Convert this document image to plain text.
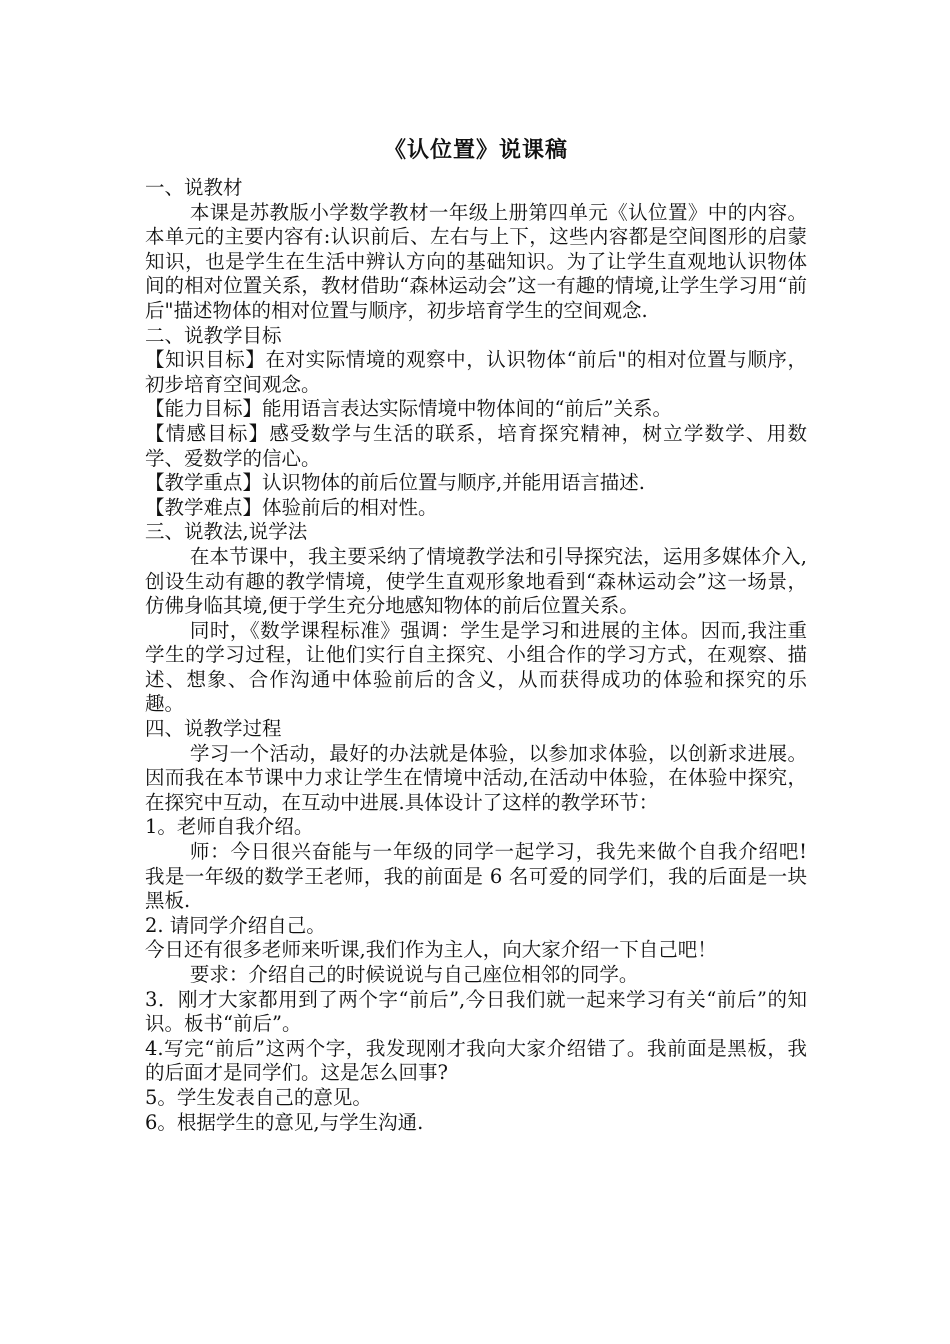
《认位置》说课稿

一、说教材

本课是苏教版小学数学教材一年级上册第四单元《认位置》中的内容。本单元的主要内容有:认识前后、左右与上下，这些内容都是空间图形的启蒙知识，也是学生在生活中辨认方向的基础知识。为了让学生直观地认识物体间的相对位置关系，教材借助“森林运动会”这一有趣的情境,让学生学习用“前后"描述物体的相对位置与顺序，初步培育学生的空间观念.

二、说教学目标

【知识目标】在对实际情境的观察中，认识物体“前后"的相对位置与顺序，初步培育空间观念。

【能力目标】能用语言表达实际情境中物体间的“前后”关系。

【情感目标】感受数学与生活的联系，培育探究精神，树立学数学、用数学、爱数学的信心。

【教学重点】认识物体的前后位置与顺序,并能用语言描述.

【教学难点】体验前后的相对性。

三、说教法,说学法

在本节课中，我主要采纳了情境教学法和引导探究法，运用多媒体介入,创设生动有趣的教学情境，使学生直观形象地看到“森林运动会”这一场景，仿佛身临其境,便于学生充分地感知物体的前后位置关系。

同时，《数学课程标准》强调：学生是学习和进展的主体。因而,我注重学生的学习过程，让他们实行自主探究、小组合作的学习方式，在观察、描述、想象、合作沟通中体验前后的含义，从而获得成功的体验和探究的乐趣。

四、说教学过程

学习一个活动，最好的办法就是体验，以参加求体验，以创新求进展。因而我在本节课中力求让学生在情境中活动,在活动中体验，在体验中探究，在探究中互动，在互动中进展.具体设计了这样的教学环节：

1。老师自我介绍。

师：今日很兴奋能与一年级的同学一起学习，我先来做个自我介绍吧! 我是一年级的数学王老师，我的前面是 6 名可爱的同学们，我的后面是一块黑板.

2. 请同学介绍自己。

今日还有很多老师来听课,我们作为主人，向大家介绍一下自己吧！

要求：介绍自己的时候说说与自己座位相邻的同学。

3．刚才大家都用到了两个字“前后”,今日我们就一起来学习有关“前后”的知识。板书“前后”。

4.写完“前后”这两个字，我发现刚才我向大家介绍错了。我前面是黑板，我的后面才是同学们。这是怎么回事?

5。学生发表自己的意见。

6。根据学生的意见,与学生沟通.
